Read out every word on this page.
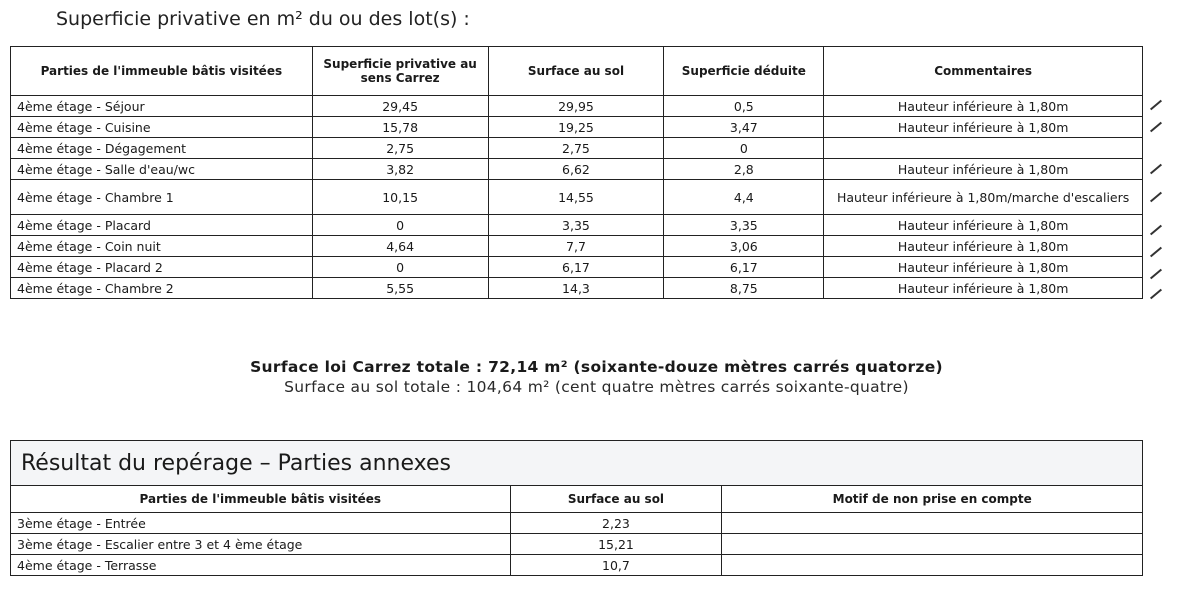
Superficie privative en m² du ou des lot(s) :
Parties de l'immeuble bâtis visitées	Superficie privative au sens Carrez	Surface au sol	Superficie déduite	Commentaires
4ème étage - Séjour	29,45	29,95	0,5	Hauteur inférieure à 1,80m
4ème étage - Cuisine	15,78	19,25	3,47	Hauteur inférieure à 1,80m
4ème étage - Dégagement	2,75	2,75	0	
4ème étage - Salle d'eau/wc	3,82	6,62	2,8	Hauteur inférieure à 1,80m
4ème étage - Chambre 1	10,15	14,55	4,4	Hauteur inférieure à 1,80m/marche d'escaliers
4ème étage - Placard	0	3,35	3,35	Hauteur inférieure à 1,80m
4ème étage - Coin nuit	4,64	7,7	3,06	Hauteur inférieure à 1,80m
4ème étage - Placard 2	0	6,17	6,17	Hauteur inférieure à 1,80m
4ème étage - Chambre 2	5,55	14,3	8,75	Hauteur inférieure à 1,80m
Surface loi Carrez totale : 72,14 m² (soixante-douze mètres carrés quatorze)
Surface au sol totale : 104,64 m² (cent quatre mètres carrés soixante-quatre)
Résultat du repérage – Parties annexes		
Parties de l'immeuble bâtis visitées	Surface au sol	Motif de non prise en compte
3ème étage - Entrée	2,23	
3ème étage - Escalier entre 3 et 4 ème étage	15,21	
4ème étage - Terrasse	10,7	
